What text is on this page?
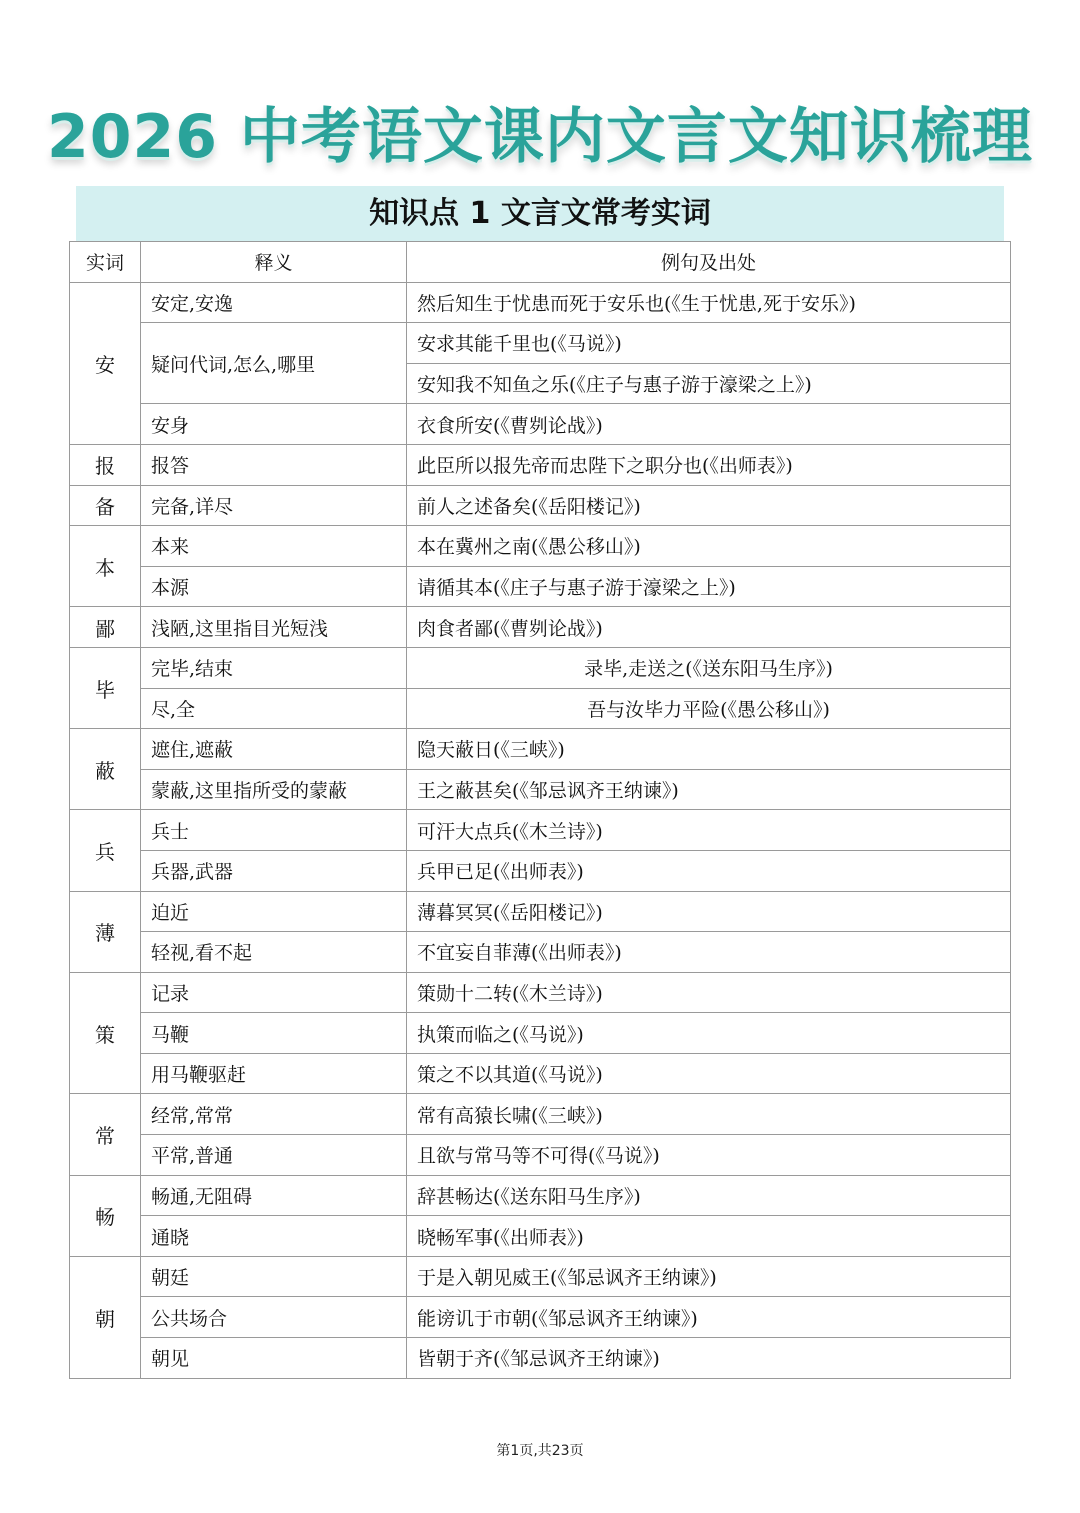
2026 中考语文课内文言文知识梳理
知识点 1 文言文常考实词
实词	释义	例句及出处
安	安定,安逸	然后知生于忧患而死于安乐也(《生于忧患,死于安乐》)
	疑问代词,怎么,哪里	安求其能千里也(《马说》)
		安知我不知鱼之乐(《庄子与惠子游于濠梁之上》)
	安身	衣食所安(《曹刿论战》)
报	报答	此臣所以报先帝而忠陛下之职分也(《出师表》)
备	完备,详尽	前人之述备矣(《岳阳楼记》)
本	本来	本在冀州之南(《愚公移山》)
	本源	请循其本(《庄子与惠子游于濠梁之上》)
鄙	浅陋,这里指目光短浅	肉食者鄙(《曹刿论战》)
毕	完毕,结束	录毕,走送之(《送东阳马生序》)
	尽,全	吾与汝毕力平险(《愚公移山》)
蔽	遮住,遮蔽	隐天蔽日(《三峡》)
	蒙蔽,这里指所受的蒙蔽	王之蔽甚矣(《邹忌讽齐王纳谏》)
兵	兵士	可汗大点兵(《木兰诗》)
	兵器,武器	兵甲已足(《出师表》)
薄	迫近	薄暮冥冥(《岳阳楼记》)
	轻视,看不起	不宜妄自菲薄(《出师表》)
策	记录	策勋十二转(《木兰诗》)
	马鞭	执策而临之(《马说》)
	用马鞭驱赶	策之不以其道(《马说》)
常	经常,常常	常有高猿长啸(《三峡》)
	平常,普通	且欲与常马等不可得(《马说》)
畅	畅通,无阻碍	辞甚畅达(《送东阳马生序》)
	通晓	晓畅军事(《出师表》)
朝	朝廷	于是入朝见威王(《邹忌讽齐王纳谏》)
	公共场合	能谤讥于市朝(《邹忌讽齐王纳谏》)
	朝见	皆朝于齐(《邹忌讽齐王纳谏》)
第1页,共23页
